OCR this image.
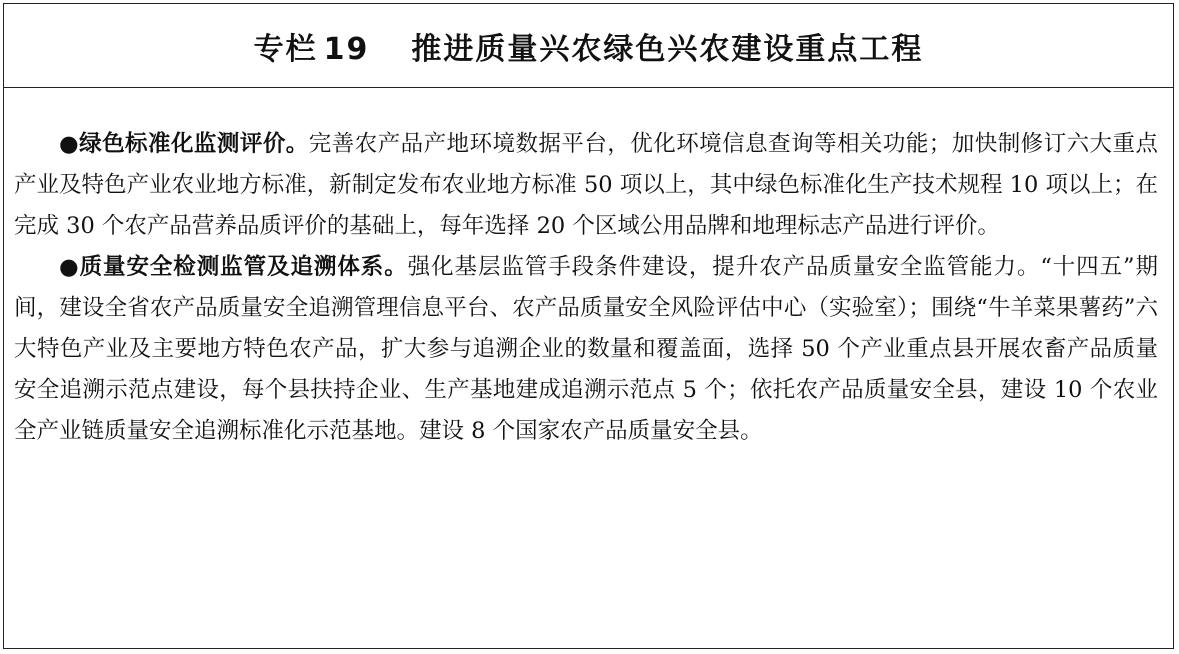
专栏 19 推进质量兴农绿色兴农建设重点工程

●绿色标准化监测评价。完善农产品产地环境数据平台，优化环境信息查询等相关功能；加快制修订六大重点产业及特色产业农业地方标准，新制定发布农业地方标准 50 项以上，其中绿色标准化生产技术规程 10 项以上；在完成 30 个农产品营养品质评价的基础上，每年选择 20 个区域公用品牌和地理标志产品进行评价。

●质量安全检测监管及追溯体系。强化基层监管手段条件建设，提升农产品质量安全监管能力。“十四五”期间，建设全省农产品质量安全追溯管理信息平台、农产品质量安全风险评估中心（实验室）；围绕“牛羊菜果薯药”六大特色产业及主要地方特色农产品，扩大参与追溯企业的数量和覆盖面，选择 50 个产业重点县开展农畜产品质量安全追溯示范点建设，每个县扶持企业、生产基地建成追溯示范点 5 个；依托农产品质量安全县，建设 10 个农业全产业链质量安全追溯标准化示范基地。建设 8 个国家农产品质量安全县。
